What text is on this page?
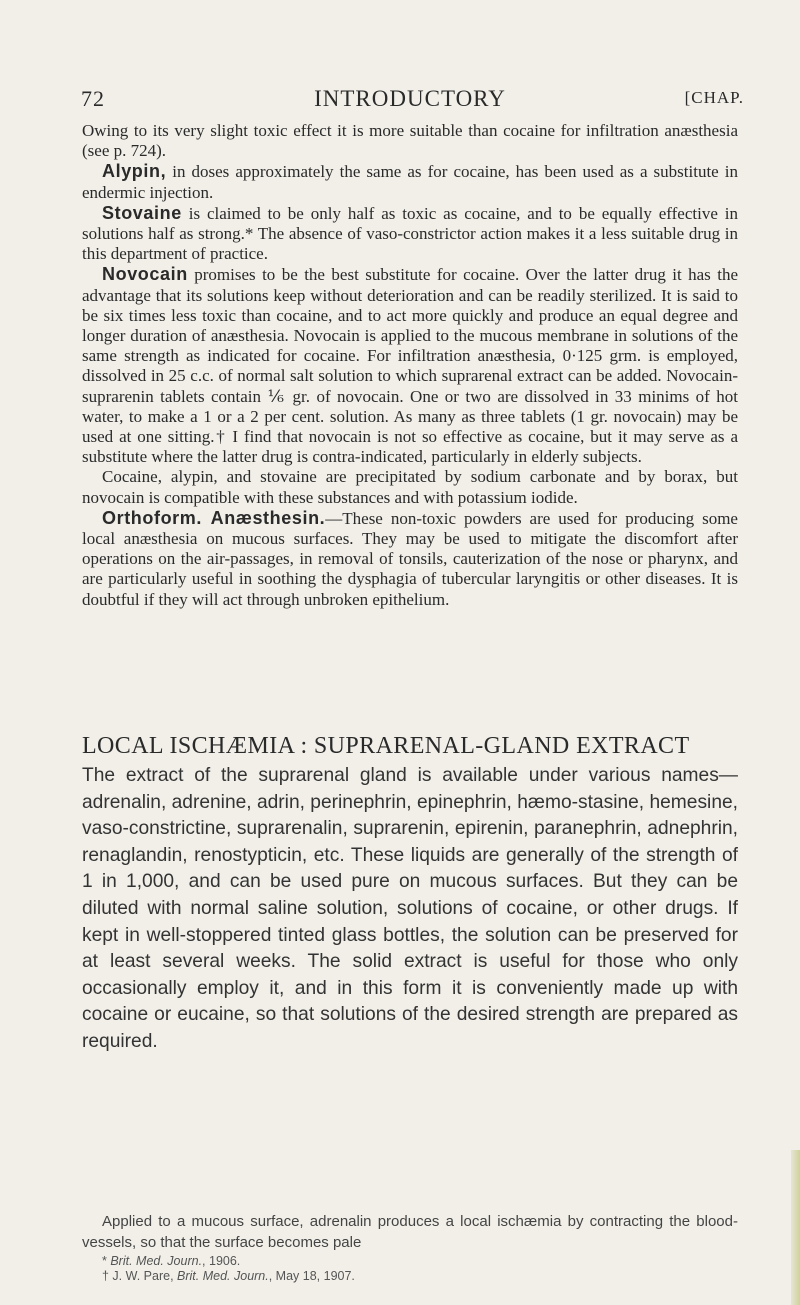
72	INTRODUCTORY	[CHAP.

Owing to its very slight toxic effect it is more suitable than cocaine for infiltration anæsthesia (see p. 724).

Alypin, in doses approximately the same as for cocaine, has been used as a substitute in endermic injection.

Stovaine is claimed to be only half as toxic as cocaine, and to be equally effective in solutions half as strong.* The absence of vaso-constrictor action makes it a less suitable drug in this department of practice.

Novocain promises to be the best substitute for cocaine. Over the latter drug it has the advantage that its solutions keep without deterioration and can be readily sterilized. It is said to be six times less toxic than cocaine, and to act more quickly and produce an equal degree and longer duration of anæsthesia. Novocain is applied to the mucous membrane in solutions of the same strength as indicated for cocaine. For infiltration anæsthesia, 0·125 grm. is employed, dissolved in 25 c.c. of normal salt solution to which suprarenal extract can be added. Novocain-suprarenin tablets contain ⅙ gr. of novocain. One or two are dissolved in 33 minims of hot water, to make a 1 or a 2 per cent. solution. As many as three tablets (1 gr. novocain) may be used at one sitting.† I find that novocain is not so effective as cocaine, but it may serve as a substitute where the latter drug is contra-indicated, particularly in elderly subjects.

Cocaine, alypin, and stovaine are precipitated by sodium carbonate and by borax, but novocain is compatible with these substances and with potassium iodide.

Orthoform. Anæsthesin.—These non-toxic powders are used for producing some local anæsthesia on mucous surfaces. They may be used to mitigate the discomfort after operations on the air-passages, in removal of tonsils, cauterization of the nose or pharynx, and are particularly useful in soothing the dysphagia of tubercular laryngitis or other diseases. It is doubtful if they will act through unbroken epithelium.

LOCAL ISCHÆMIA : SUPRARENAL-GLAND EXTRACT

The extract of the suprarenal gland is available under various names—adrenalin, adrenine, adrin, perinephrin, epinephrin, hæmo-stasine, hemesine, vaso-constrictine, suprarenalin, suprarenin, epirenin, paranephrin, adnephrin, renaglandin, renostypticin, etc. These liquids are generally of the strength of 1 in 1,000, and can be used pure on mucous surfaces. But they can be diluted with normal saline solution, solutions of cocaine, or other drugs. If kept in well-stoppered tinted glass bottles, the solution can be preserved for at least several weeks. The solid extract is useful for those who only occasionally employ it, and in this form it is conveniently made up with cocaine or eucaine, so that solutions of the desired strength are prepared as required.

Applied to a mucous surface, adrenalin produces a local ischæmia by contracting the blood-vessels, so that the surface becomes pale

* Brit. Med. Journ., 1906.
† J. W. Pare, Brit. Med. Journ., May 18, 1907.
